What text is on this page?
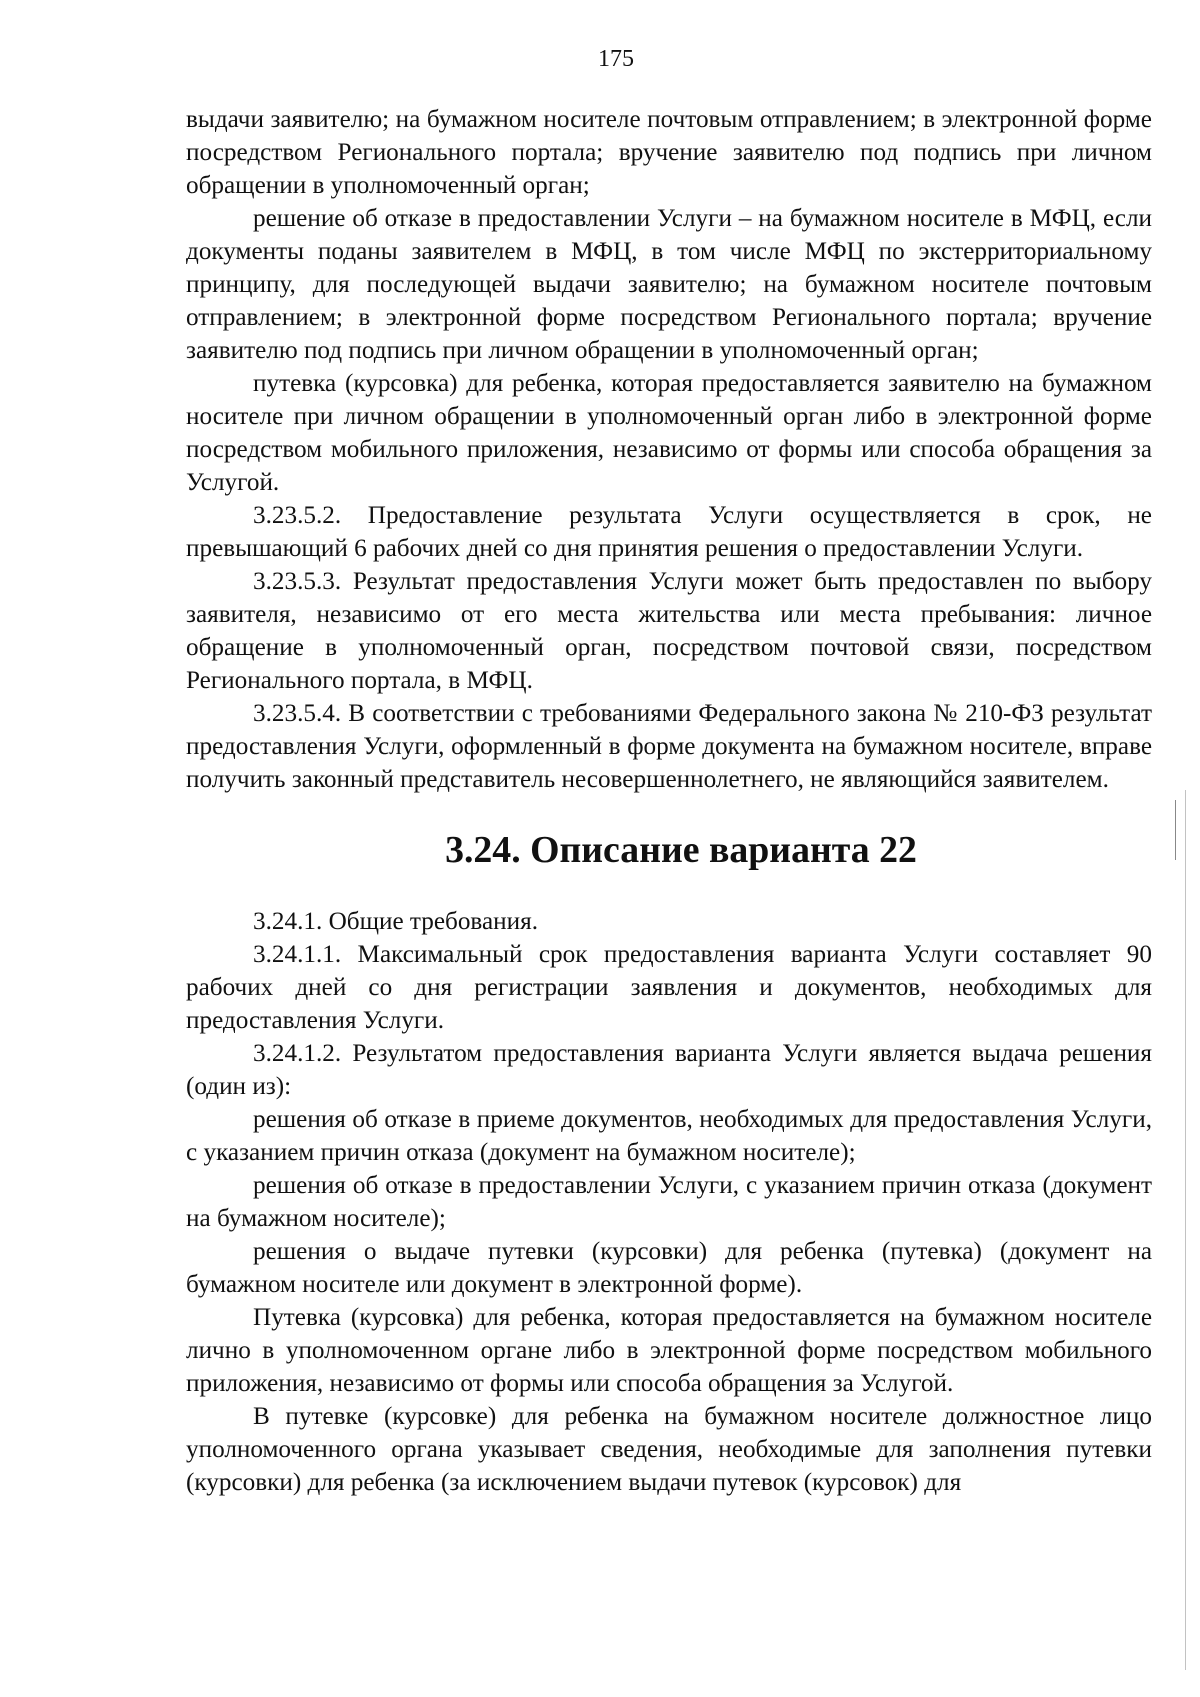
175

выдачи заявителю; на бумажном носителе почтовым отправлением; в электронной форме посредством Регионального портала; вручение заявителю под подпись при личном обращении в уполномоченный орган;

решение об отказе в предоставлении Услуги – на бумажном носителе в МФЦ, если документы поданы заявителем в МФЦ, в том числе МФЦ по экстерриториальному принципу, для последующей выдачи заявителю; на бумажном носителе почтовым отправлением; в электронной форме посредством Регионального портала; вручение заявителю под подпись при личном обращении в уполномоченный орган;

путевка (курсовка) для ребенка, которая предоставляется заявителю на бумажном носителе при личном обращении в уполномоченный орган либо в электронной форме посредством мобильного приложения, независимо от формы или способа обращения за Услугой.

3.23.5.2. Предоставление результата Услуги осуществляется в срок, не превышающий 6 рабочих дней со дня принятия решения о предоставлении Услуги.

3.23.5.3. Результат предоставления Услуги может быть предоставлен по выбору заявителя, независимо от его места жительства или места пребывания: личное обращение в уполномоченный орган, посредством почтовой связи, посредством Регионального портала, в МФЦ.

3.23.5.4. В соответствии с требованиями Федерального закона № 210-ФЗ результат предоставления Услуги, оформленный в форме документа на бумажном носителе, вправе получить законный представитель несовершеннолетнего, не являющийся заявителем.

3.24. Описание варианта 22

3.24.1. Общие требования.

3.24.1.1. Максимальный срок предоставления варианта Услуги составляет 90 рабочих дней со дня регистрации заявления и документов, необходимых для предоставления Услуги.

3.24.1.2. Результатом предоставления варианта Услуги является выдача решения (один из):

решения об отказе в приеме документов, необходимых для предоставления Услуги, с указанием причин отказа (документ на бумажном носителе);

решения об отказе в предоставлении Услуги, с указанием причин отказа (документ на бумажном носителе);

решения о выдаче путевки (курсовки) для ребенка (путевка) (документ на бумажном носителе или документ в электронной форме).

Путевка (курсовка) для ребенка, которая предоставляется на бумажном носителе лично в уполномоченном органе либо в электронной форме посредством мобильного приложения, независимо от формы или способа обращения за Услугой.

В путевке (курсовке) для ребенка на бумажном носителе должностное лицо уполномоченного органа указывает сведения, необходимые для заполнения путевки (курсовки) для ребенка (за исключением выдачи путевок (курсовок) для
